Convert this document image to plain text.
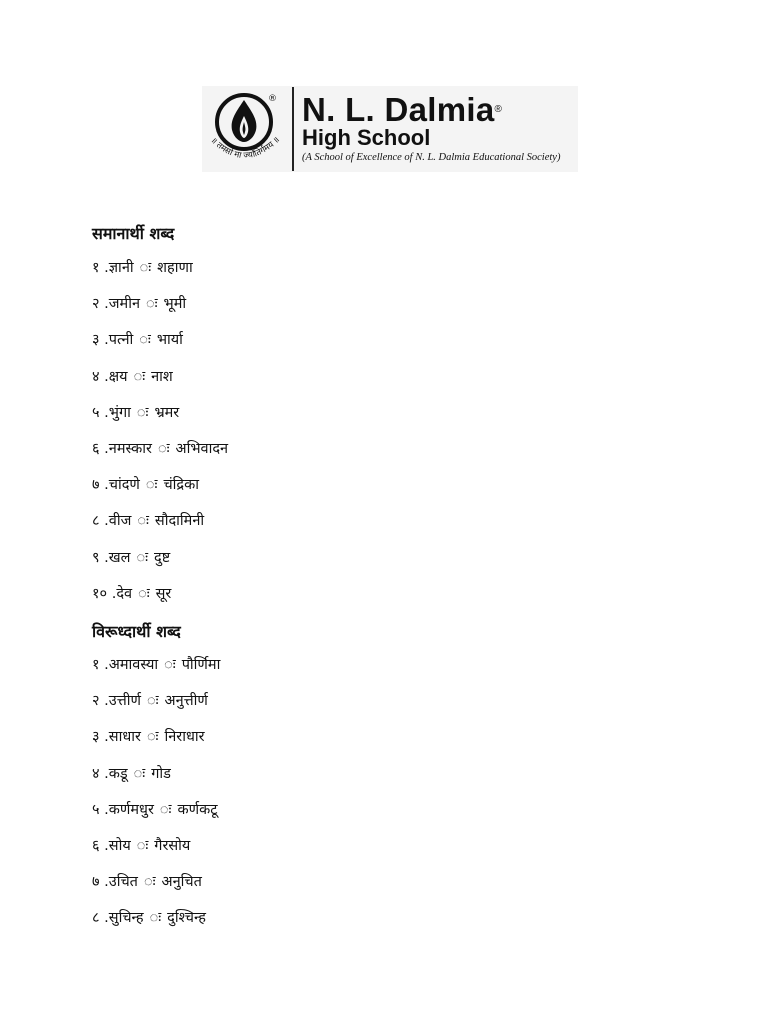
॥ तमसो मा ज्योतिर्गमय ॥
® N. L. Dalmia®
High School
(A School of Excellence of N. L. Dalmia Educational Society)
समानार्थी शब्द
१ .ज्ञानी ः शहाणा
२ .जमीन ः भूमी
३ .पत्नी ः भार्या
४ .क्षय ः नाश
५ .भुंगा ः भ्रमर
६ .नमस्कार ः अभिवादन
७ .चांदणे ः चंद्रिका
८ .वीज ः सौदामिनी
९ .खल ः दुष्ट
१० .देव ः सूर
विरूध्दार्थी शब्द
१ .अमावस्या ः पौर्णिमा
२ .उत्तीर्ण ः अनुत्तीर्ण
३ .साधार ः निराधार
४ .कडू ः गोड
५ .कर्णमधुर ः कर्णकटू
६ .सोय ः गैरसोय
७ .उचित ः अनुचित
८ .सुचिन्ह ः दुश्चिन्ह
